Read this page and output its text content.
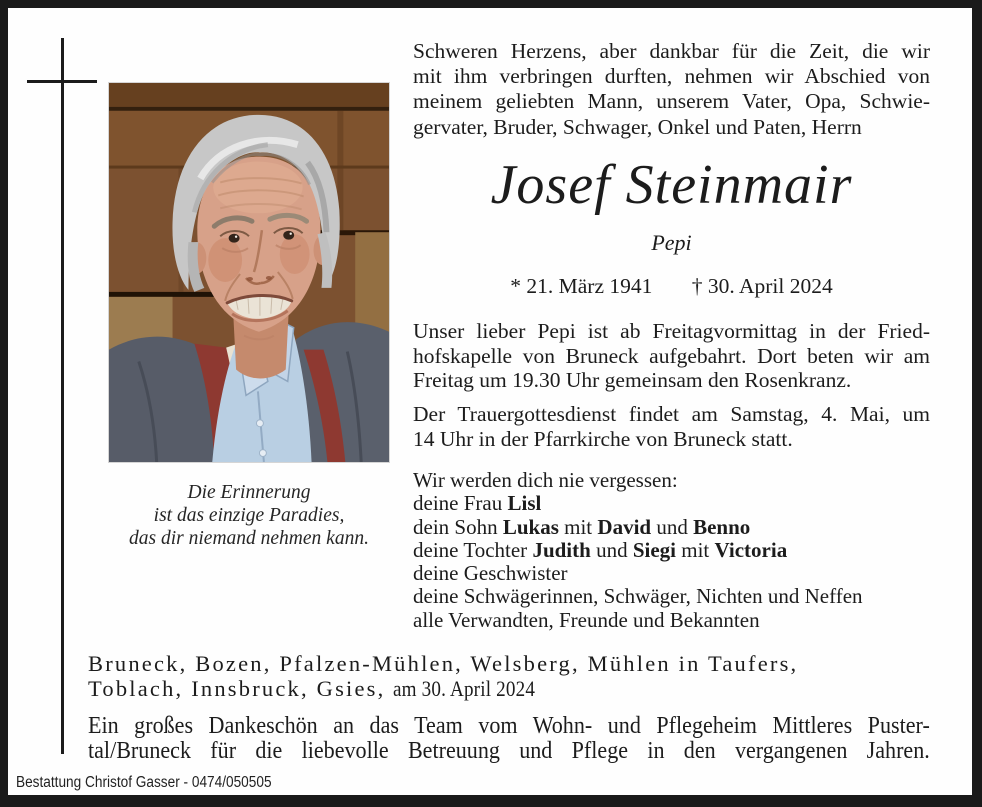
Die Erinnerung
ist das einzige Paradies,
das dir niemand nehmen kann.
Schweren Herzens, aber dankbar für die Zeit, die wir
mit ihm verbringen durften, nehmen wir Abschied von
meinem geliebten Mann, unserem Vater, Opa, Schwie-
gervater, Bruder, Schwager, Onkel und Paten, Herrn
Josef Steinmair
Pepi
* 21. März 1941 † 30. April 2024
Unser lieber Pepi ist ab Freitagvormittag in der Fried-
hofskapelle von Bruneck aufgebahrt. Dort beten wir am
Freitag um 19.30 Uhr gemeinsam den Rosenkranz.
Der Trauergottesdienst findet am Samstag, 4. Mai, um
14 Uhr in der Pfarrkirche von Bruneck statt.
Wir werden dich nie vergessen:
deine Frau Lisl
dein Sohn Lukas mit David und Benno
deine Tochter Judith und Siegi mit Victoria
deine Geschwister
deine Schwägerinnen, Schwäger, Nichten und Neffen
alle Verwandten, Freunde und Bekannten
Bruneck, Bozen, Pfalzen-Mühlen, Welsberg, Mühlen in Taufers,
Toblach, Innsbruck, Gsies, am 30. April 2024
Ein großes Dankeschön an das Team vom Wohn- und Pflegeheim Mittleres Puster-
tal/Bruneck für die liebevolle Betreuung und Pflege in den vergangenen Jahren.
Bestattung Christof Gasser - 0474/050505
